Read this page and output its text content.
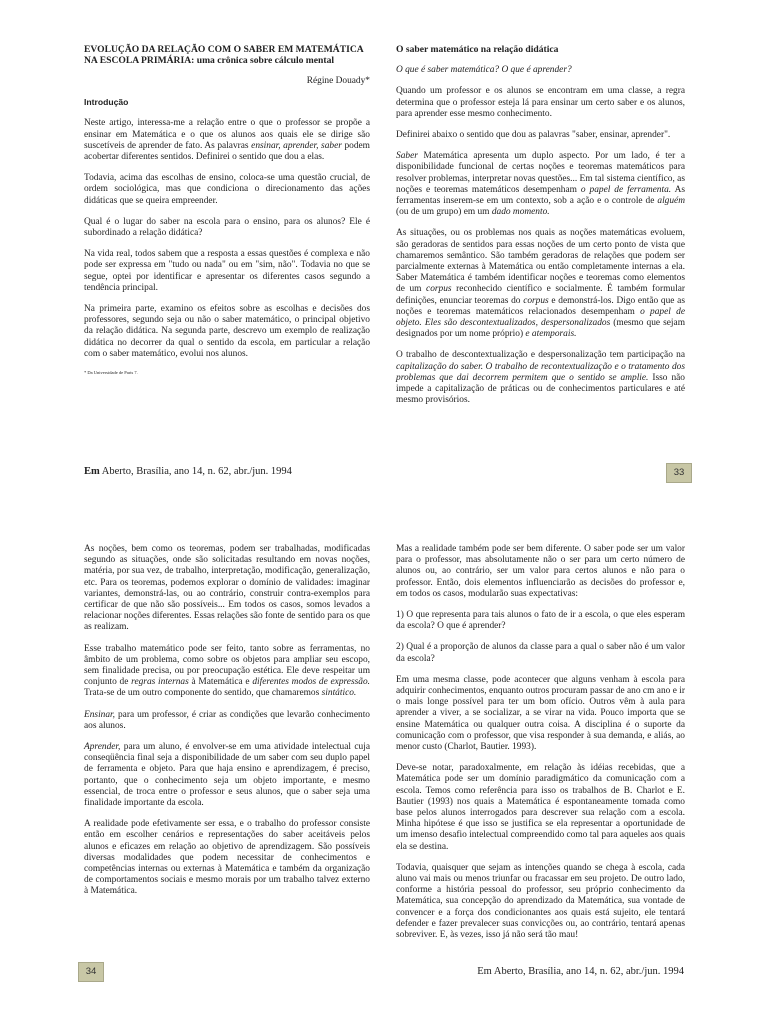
EVOLUÇÃO DA RELAÇÃO COM O SABER EM MATEMÁTICA NA ESCOLA PRIMÁRIA: uma crônica sobre cálculo mental

Régine Douady*

Introdução

Neste artigo, interessa-me a relação entre o que o professor se propõe a ensinar em Matemática e o que os alunos aos quais ele se dirige são suscetíveis de aprender de fato. As palavras ensinar, aprender, saber podem acobertar diferentes sentidos. Definirei o sentido que dou a elas.

Todavia, acima das escolhas de ensino, coloca-se uma questão crucial, de ordem sociológica, mas que condiciona o direcionamento das ações didáticas que se queira empreender.

Qual é o lugar do saber na escola para o ensino, para os alunos? Ele é subordinado a relação didática?

Na vida real, todos sabem que a resposta a essas questões é complexa e não pode ser expressa em "tudo ou nada" ou em "sim, não". Todavia no que se segue, optei por identificar e apresentar os diferentes casos segundo a tendência principal.

Na primeira parte, examino os efeitos sobre as escolhas e decisões dos professores, segundo seja ou não o saber matemático, o principal objetivo da relação didática. Na segunda parte, descrevo um exemplo de realização didática no decorrer da qual o sentido da escola, em particular a relação com o saber matemático, evolui nos alunos.

* Da Universidade de Paris 7.

O saber matemático na relação didática

O que é saber matemática? O que é aprender?

Quando um professor e os alunos se encontram em uma classe, a regra determina que o professor esteja lá para ensinar um certo saber e os alunos, para aprender esse mesmo conhecimento.

Definirei abaixo o sentido que dou as palavras "saber, ensinar, aprender".

Saber Matemática apresenta um duplo aspecto. Por um lado, é ter a disponibilidade funcional de certas noções e teoremas matemáticos para resolver problemas, interpretar novas questões... Em tal sistema científico, as noções e teoremas matemáticos desempenham o papel de ferramenta. As ferramentas inserem-se em um contexto, sob a ação e o controle de alguém (ou de um grupo) em um dado momento.

As situações, ou os problemas nos quais as noções matemáticas evoluem, são geradoras de sentidos para essas noções de um certo ponto de vista que chamaremos semântico. São também geradoras de relações que podem ser parcialmente externas à Matemática ou então completamente internas a ela. Saber Matemática é também identificar noções e teoremas como elementos de um corpus reconhecido científico e socialmente. É também formular definições, enunciar teoremas do corpus e demonstrá-los. Digo então que as noções e teoremas matemáticos relacionados desempenham o papel de objeto. Eles são descontextualizados, despersonalizados (mesmo que sejam designados por um nome próprio) e atemporais.

O trabalho de descontextualização e despersonalização tem participação na capitalização do saber. O trabalho de recontextualização e o tratamento dos problemas que dai decorrem permitem que o sentido se amplie. Isso não impede a capitalização de práticas ou de conhecimentos particulares e até mesmo provisórios.

Em Aberto, Brasília, ano 14, n. 62, abr./jun. 1994	33

As noções, bem como os teoremas, podem ser trabalhadas, modificadas segundo as situações, onde são solicitadas resultando em novas noções, matéria, por sua vez, de trabalho, interpretação, modificação, generalização, etc. Para os teoremas, podemos explorar o domínio de validades: imaginar variantes, demonstrá-las, ou ao contrário, construir contra-exemplos para certificar de que não são possíveis... Em todos os casos, somos levados a relacionar noções diferentes. Essas relações são fonte de sentido para os que as realizam.

Esse trabalho matemático pode ser feito, tanto sobre as ferramentas, no âmbito de um problema, como sobre os objetos para ampliar seu escopo, sem finalidade precisa, ou por preocupação estética. Ele deve respeitar um conjunto de regras internas à Matemática e diferentes modos de expressão. Trata-se de um outro componente do sentido, que chamaremos sintático.

Ensinar, para um professor, é criar as condições que levarão conhecimento aos alunos.

Aprender, para um aluno, é envolver-se em uma atividade intelectual cuja conseqüência final seja a disponibilidade de um saber com seu duplo papel de ferramenta e objeto. Para que haja ensino e aprendizagem, é preciso, portanto, que o conhecimento seja um objeto importante, e mesmo essencial, de troca entre o professor e seus alunos, que o saber seja uma finalidade importante da escola.

A realidade pode efetivamente ser essa, e o trabalho do professor consiste então em escolher cenários e representações do saber aceitáveis pelos alunos e eficazes em relação ao objetivo de aprendizagem. São possíveis diversas modalidades que podem necessitar de conhecimentos e competências internas ou externas à Matemática e também da organização de comportamentos sociais e mesmo morais por um trabalho talvez externo à Matemática.

Mas a realidade também pode ser bem diferente. O saber pode ser um valor para o professor, mas absolutamente não o ser para um certo número de alunos ou, ao contrário, ser um valor para certos alunos e não para o professor. Então, dois elementos influenciarão as decisões do professor e, em todos os casos, modularão suas expectativas:

1) O que representa para tais alunos o fato de ir a escola, o que eles esperam da escola? O que é aprender?

2) Qual é a proporção de alunos da classe para a qual o saber não é um valor da escola?

Em uma mesma classe, pode acontecer que alguns venham à escola para adquirir conhecimentos, enquanto outros procuram passar de ano cm ano e ir o mais longe possível para ter um bom ofício. Outros vêm à aula para aprender a viver, a se socializar, a se virar na vida. Pouco importa que se ensine Matemática ou qualquer outra coisa. A disciplina é o suporte da comunicação com o professor, que visa responder à sua demanda, e aliás, ao menor custo (Charlot, Bautier. 1993).

Deve-se notar, paradoxalmente, em relação às idéias recebidas, que a Matemática pode ser um domínio paradigmático da comunicação com a escola. Temos como referência para isso os trabalhos de B. Charlot e E. Bautier (1993) nos quais a Matemática é espontaneamente tomada como base pelos alunos interrogados para descrever sua relação com a escola. Minha hipótese é que isso se justifica se ela representar a oportunidade de um imenso desafio intelectual compreendido como tal para aqueles aos quais ela se destina.

Todavia, quaisquer que sejam as intenções quando se chega à escola, cada aluno vai mais ou menos triunfar ou fracassar em seu projeto. De outro lado, conforme a história pessoal do professor, seu próprio conhecimento da Matemática, sua concepção do aprendizado da Matemática, sua vontade de convencer e a força dos condicionantes aos quais está sujeito, ele tentará defender e fazer prevalecer suas convicções ou, ao contrário, tentará apenas sobreviver. E, às vezes, isso já não será tão mau!

34	Em Aberto, Brasília, ano 14, n. 62, abr./jun. 1994
